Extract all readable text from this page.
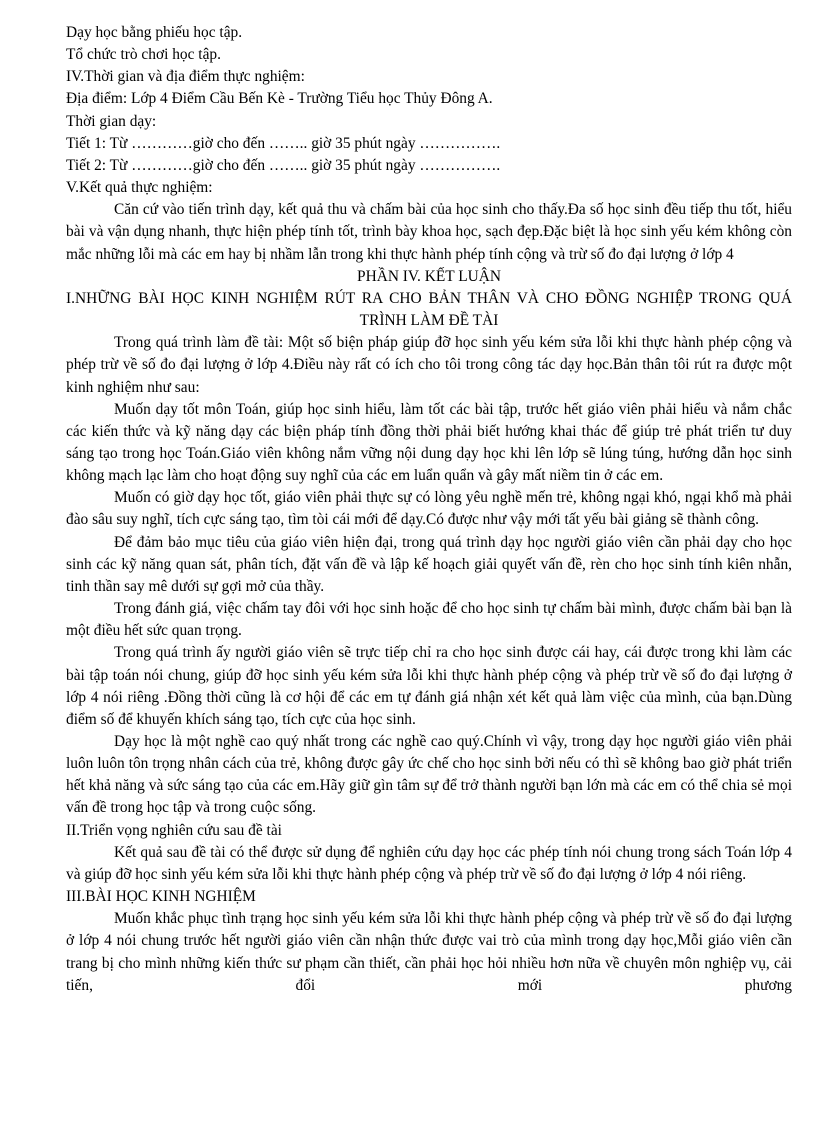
Dạy học bằng phiếu học tập.

Tổ chức trò chơi học tập.

IV.Thời gian và địa điểm thực nghiệm:

Địa điểm: Lớp 4 Điểm Cầu Bến Kè - Trường Tiểu học Thủy Đông A.

Thời gian dạy:

Tiết 1: Từ …………giờ cho đến …….. giờ 35 phút ngày …………….

Tiết 2: Từ …………giờ cho đến …….. giờ 35 phút ngày …………….

V.Kết quả thực nghiệm:

Căn cứ vào tiến trình dạy, kết quả thu và chấm bài của học sinh cho thấy.Đa số học sinh đều tiếp thu tốt, hiểu bài và vận dụng nhanh, thực hiện phép tính tốt, trình bày khoa học, sạch đẹp.Đặc biệt là học sinh yếu kém không còn mắc những lỗi mà các em hay bị nhầm lẫn trong khi thực hành phép tính cộng và trừ số đo đại lượng ở lớp 4

PHẦN IV. KẾT LUẬN

I.NHỮNG BÀI HỌC KINH NGHIỆM RÚT RA CHO BẢN THÂN VÀ CHO ĐỒNG NGHIỆP TRONG QUÁ TRÌNH LÀM ĐỀ TÀI

Trong quá trình làm đề tài: Một số biện pháp giúp đỡ học sinh yếu kém sửa lỗi khi thực hành phép cộng và phép trừ về số đo đại lượng ở lớp 4.Điều này rất có ích cho tôi trong công tác dạy học.Bản thân tôi rút ra được một kinh nghiệm như sau:

Muốn dạy tốt môn Toán, giúp học sinh hiểu, làm tốt các bài tập, trước hết giáo viên phải hiểu và nắm chắc các kiến thức và kỹ năng dạy các biện pháp tính đồng thời phải biết hướng khai thác để giúp trẻ phát triển tư duy sáng tạo trong học Toán.Giáo viên không nắm vững nội dung dạy học khi lên lớp sẽ lúng túng, hướng dẫn học sinh không mạch lạc làm cho hoạt động suy nghĩ của các em luẩn quẩn và gây mất niềm tin ở các em.

Muốn có giờ dạy học tốt, giáo viên phải thực sự có lòng yêu nghề mến trẻ, không ngại khó, ngại khổ mà phải đào sâu suy nghĩ, tích cực sáng tạo, tìm tòi cái mới để dạy.Có được như vậy mới tất yếu bài giảng sẽ thành công.

Để đảm bảo mục tiêu của giáo viên hiện đại, trong quá trình dạy học người giáo viên cần phải dạy cho học sinh các kỹ năng quan sát, phân tích, đặt vấn đề và lập kế hoạch giải quyết vấn đề, rèn cho học sinh tính kiên nhẫn, tinh thần say mê dưới sự gợi mở của thầy.

Trong đánh giá, việc chấm tay đôi với học sinh hoặc để cho học sinh tự chấm bài mình, được chấm bài bạn là một điều hết sức quan trọng.

Trong quá trình ấy người giáo viên sẽ trực tiếp chỉ ra cho học sinh được cái hay, cái được trong khi làm các bài tập toán nói chung, giúp đỡ học sinh yếu kém sửa lỗi khi thực hành phép cộng và phép trừ về số đo đại lượng ở lớp 4 nói riêng .Đồng thời cũng là cơ hội để các em tự đánh giá nhận xét kết quả làm việc của mình, của bạn.Dùng điểm số để khuyến khích sáng tạo, tích cực của học sinh.

Dạy học là một nghề cao quý nhất trong các nghề cao quý.Chính vì vậy, trong dạy học người giáo viên phải luôn luôn tôn trọng nhân cách của trẻ, không được gây ức chế cho học sinh bởi nếu có thì sẽ không bao giờ phát triển hết khả năng và sức sáng tạo của các em.Hãy giữ gìn tâm sự để trở thành người bạn lớn mà các em có thể chia sẻ mọi vấn đề trong học tập và trong cuộc sống.

II.Triển vọng nghiên cứu sau đề tài

Kết quả sau đề tài có thể được sử dụng để nghiên cứu dạy học các phép tính nói chung trong sách Toán lớp 4 và giúp đỡ học sinh yếu kém sửa lỗi khi thực hành phép cộng và phép trừ về số đo đại lượng ở lớp 4 nói riêng.

III.BÀI HỌC KINH NGHIỆM

Muốn khắc phục tình trạng học sinh yếu kém sửa lỗi khi thực hành phép cộng và phép trừ về số đo đại lượng ở lớp 4 nói chung trước hết người giáo viên cần nhận thức được vai trò của mình trong dạy học,Mỗi giáo viên cần trang bị cho mình những kiến thức sư phạm cần thiết, cần phải học hỏi nhiều hơn nữa về chuyên môn nghiệp vụ, cải tiến, đổi mới phương
